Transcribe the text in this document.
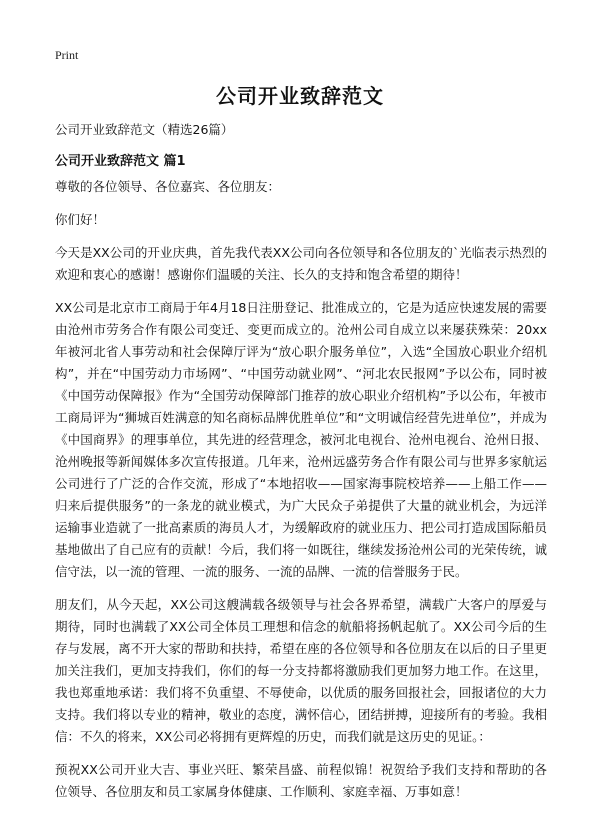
Print
公司开业致辞范文

公司开业致辞范文（精选26篇）

公司开业致辞范文 篇1

尊敬的各位领导、各位嘉宾、各位朋友：

你们好！

今天是XX公司的开业庆典，首先我代表XX公司向各位领导和各位朋友的`光临表示热烈的欢迎和衷心的感谢！感谢你们温暖的关注、长久的支持和饱含希望的期待！

XX公司是北京市工商局于年4月18日注册登记、批准成立的，它是为适应快速发展的需要由沧州市劳务合作有限公司变迁、变更而成立的。沧州公司自成立以来屡获殊荣：20xx年被河北省人事劳动和社会保障厅评为“放心职介服务单位”，入选“全国放心职业介绍机构”，并在“中国劳动力市场网”、“中国劳动就业网”、“河北农民报网”予以公布，同时被《中国劳动保障报》作为“全国劳动保障部门推荐的放心职业介绍机构”予以公布，年被市工商局评为“狮城百姓满意的知名商标品牌优胜单位”和“文明诚信经营先进单位”，并成为《中国商界》的理事单位，其先进的经营理念，被河北电视台、沧州电视台、沧州日报、沧州晚报等新闻媒体多次宣传报道。几年来，沧州远盛劳务合作有限公司与世界多家航运公司进行了广泛的合作交流，形成了“本地招收——国家海事院校培养——上船工作——归来后提供服务”的一条龙的就业模式，为广大民众子弟提供了大量的就业机会，为远洋运输事业造就了一批高素质的海员人才，为缓解政府的就业压力、把公司打造成国际船员基地做出了自己应有的贡献！今后，我们将一如既往，继续发扬沧州公司的光荣传统，诚信守法，以一流的管理、一流的服务、一流的品牌、一流的信誉服务于民。

朋友们，从今天起，XX公司这艘满载各级领导与社会各界希望，满载广大客户的厚爱与期待，同时也满载了XX公司全体员工理想和信念的航船将扬帆起航了。XX公司今后的生存与发展，离不开大家的帮助和扶持，希望在座的各位领导和各位朋友在以后的日子里更加关注我们，更加支持我们，你们的每一分支持都将激励我们更加努力地工作。在这里，我也郑重地承诺：我们将不负重望、不辱使命，以优质的服务回报社会，回报诸位的大力支持。我们将以专业的精神，敬业的态度，满怀信心，团结拼搏，迎接所有的考验。我相信：不久的将来，XX公司必将拥有更辉煌的历史，而我们就是这历史的见证。：

预祝XX公司开业大吉、事业兴旺、繁荣昌盛、前程似锦！祝贺给予我们支持和帮助的各位领导、各位朋友和员工家属身体健康、工作顺利、家庭幸福、万事如意！
